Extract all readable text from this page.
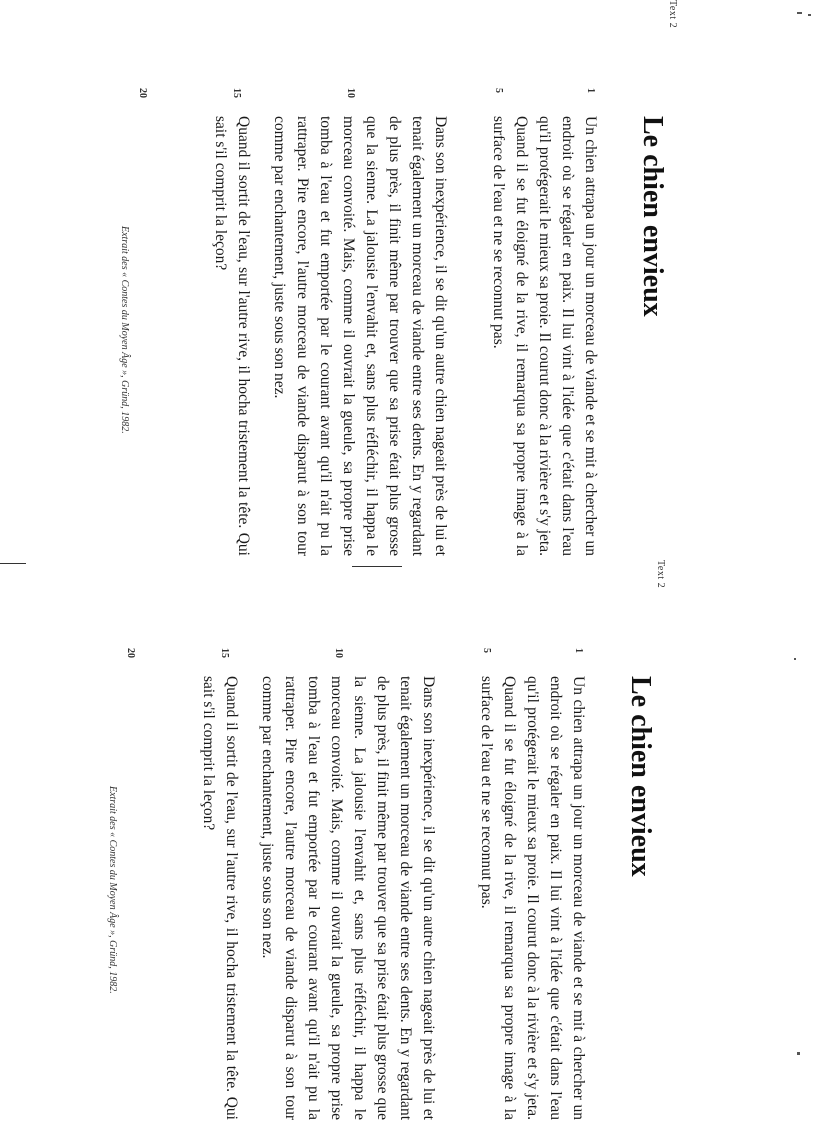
Text 2
Le chien envieux
1
5
10
15
20

Un chien attrapa un jour un morceau de viande et se mit à chercher un endroit où se régaler en paix. Il lui vint à l'idée que c'était dans l'eau qu'il protégerait le mieux sa proie. Il courut donc à la rivière et s'y jeta. Quand il se fut éloigné de la rive, il remarqua sa propre image à la surface de l'eau et ne se reconnut pas.

Dans son inexpérience, il se dit qu'un autre chien nageait près de lui et tenait également un morceau de viande entre ses dents. En y regardant de plus près, il finit même par trouver que sa prise était plus grosse que la sienne. La jalousie l'envahit et, sans plus réfléchir, il happa le morceau convoité. Mais, comme il ouvrait la gueule, sa propre prise tomba à l'eau et fut emportée par le courant avant qu'il n'ait pu la rattraper. Pire encore, l'autre morceau de viande disparut à son tour comme par enchantement, juste sous son nez.

Quand il sortit de l'eau, sur l'autre rive, il hocha tristement la tête. Qui sait s'il comprit la leçon?

Extrait des « Contes du Moyen Âge », Gründ, 1982.
Text 2
Le chien envieux
1
5
10
15
20

Un chien attrapa un jour un morceau de viande et se mit à chercher un endroit où se régaler en paix. Il lui vint à l'idée que c'était dans l'eau qu'il protégerait le mieux sa proie. Il courut donc à la rivière et s'y jeta. Quand il se fut éloigné de la rive, il remarqua sa propre image à la surface de l'eau et ne se reconnut pas.

Dans son inexpérience, il se dit qu'un autre chien nageait près de lui et tenait également un morceau de viande entre ses dents. En y regardant de plus près, il finit même par trouver que sa prise était plus grosse que la sienne. La jalousie l'envahit et, sans plus réfléchir, il happa le morceau convoité. Mais, comme il ouvrait la gueule, sa propre prise tomba à l'eau et fut emportée par le courant avant qu'il n'ait pu la rattraper. Pire encore, l'autre morceau de viande disparut à son tour comme par enchantement, juste sous son nez.

Quand il sortit de l'eau, sur l'autre rive, il hocha tristement la tête. Qui sait s'il comprit la leçon?

Extrait des « Contes du Moyen Âge », Gründ, 1982.
